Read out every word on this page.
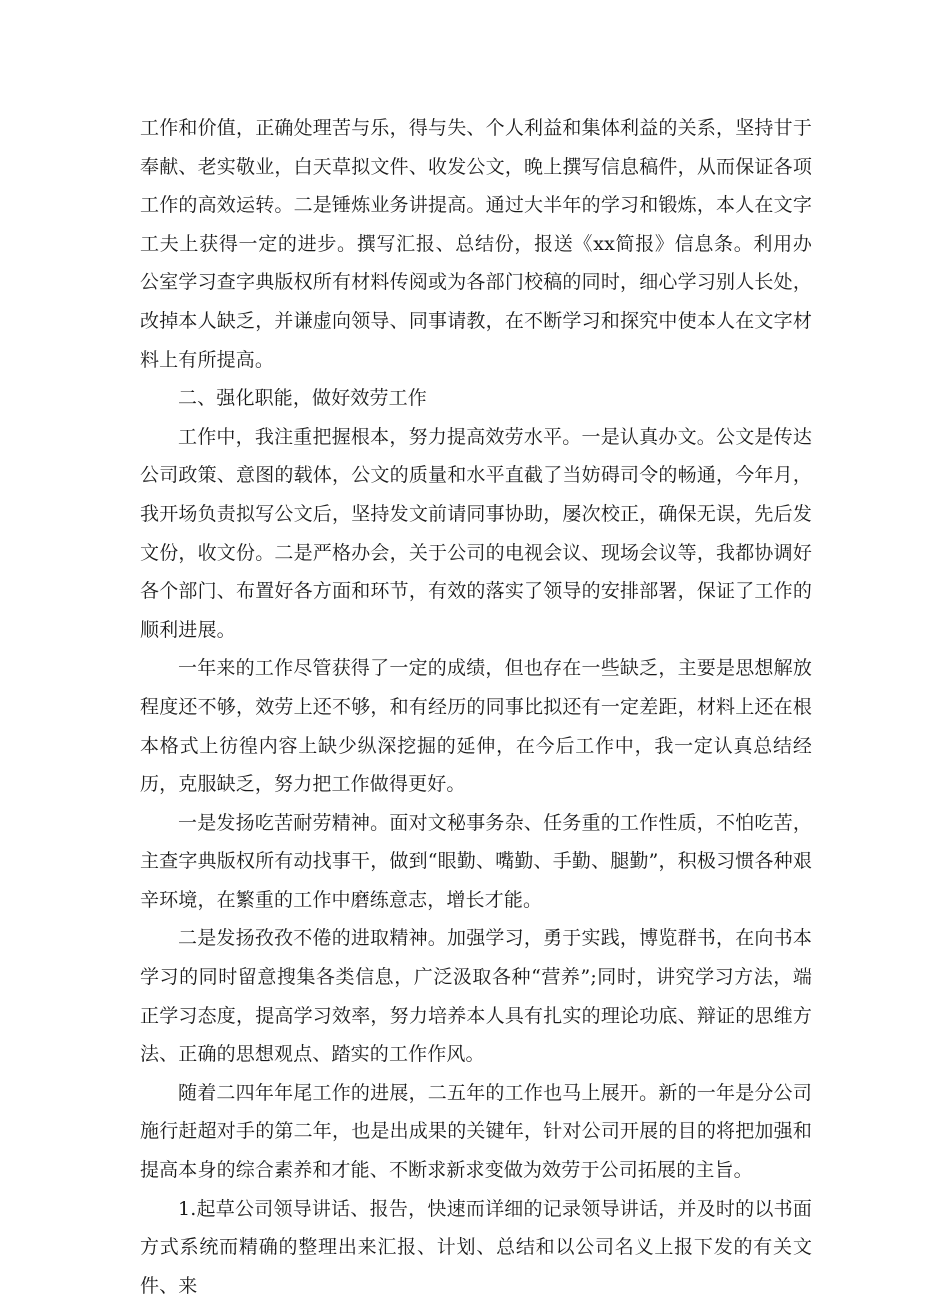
工作和价值，正确处理苦与乐，得与失、个人利益和集体利益的关系，坚持甘于奉献、老实敬业，白天草拟文件、收发公文，晚上撰写信息稿件，从而保证各项工作的高效运转。二是锤炼业务讲提高。通过大半年的学习和锻炼，本人在文字工夫上获得一定的进步。撰写汇报、总结份，报送《xx简报》信息条。利用办公室学习查字典版权所有材料传阅或为各部门校稿的同时，细心学习别人长处，改掉本人缺乏，并谦虚向领导、同事请教，在不断学习和探究中使本人在文字材料上有所提高。

二、强化职能，做好效劳工作

工作中，我注重把握根本，努力提高效劳水平。一是认真办文。公文是传达公司政策、意图的载体，公文的质量和水平直截了当妨碍司令的畅通，今年月，我开场负责拟写公文后，坚持发文前请同事协助，屡次校正，确保无误，先后发文份，收文份。二是严格办会，关于公司的电视会议、现场会议等，我都协调好各个部门、布置好各方面和环节，有效的落实了领导的安排部署，保证了工作的顺利进展。

一年来的工作尽管获得了一定的成绩，但也存在一些缺乏，主要是思想解放程度还不够，效劳上还不够，和有经历的同事比拟还有一定差距，材料上还在根本格式上彷徨内容上缺少纵深挖掘的延伸，在今后工作中，我一定认真总结经历，克服缺乏，努力把工作做得更好。

一是发扬吃苦耐劳精神。面对文秘事务杂、任务重的工作性质，不怕吃苦，主查字典版权所有动找事干，做到“眼勤、嘴勤、手勤、腿勤”，积极习惯各种艰辛环境，在繁重的工作中磨练意志，增长才能。

二是发扬孜孜不倦的进取精神。加强学习，勇于实践，博览群书，在向书本学习的同时留意搜集各类信息，广泛汲取各种“营养”;同时，讲究学习方法，端正学习态度，提高学习效率，努力培养本人具有扎实的理论功底、辩证的思维方法、正确的思想观点、踏实的工作作风。

随着二四年年尾工作的进展，二五年的工作也马上展开。新的一年是分公司施行赶超对手的第二年，也是出成果的关键年，针对公司开展的目的将把加强和提高本身的综合素养和才能、不断求新求变做为效劳于公司拓展的主旨。

1.起草公司领导讲话、报告，快速而详细的记录领导讲话，并及时的以书面方式系统而精确的整理出来汇报、计划、总结和以公司名义上报下发的有关文件、来
